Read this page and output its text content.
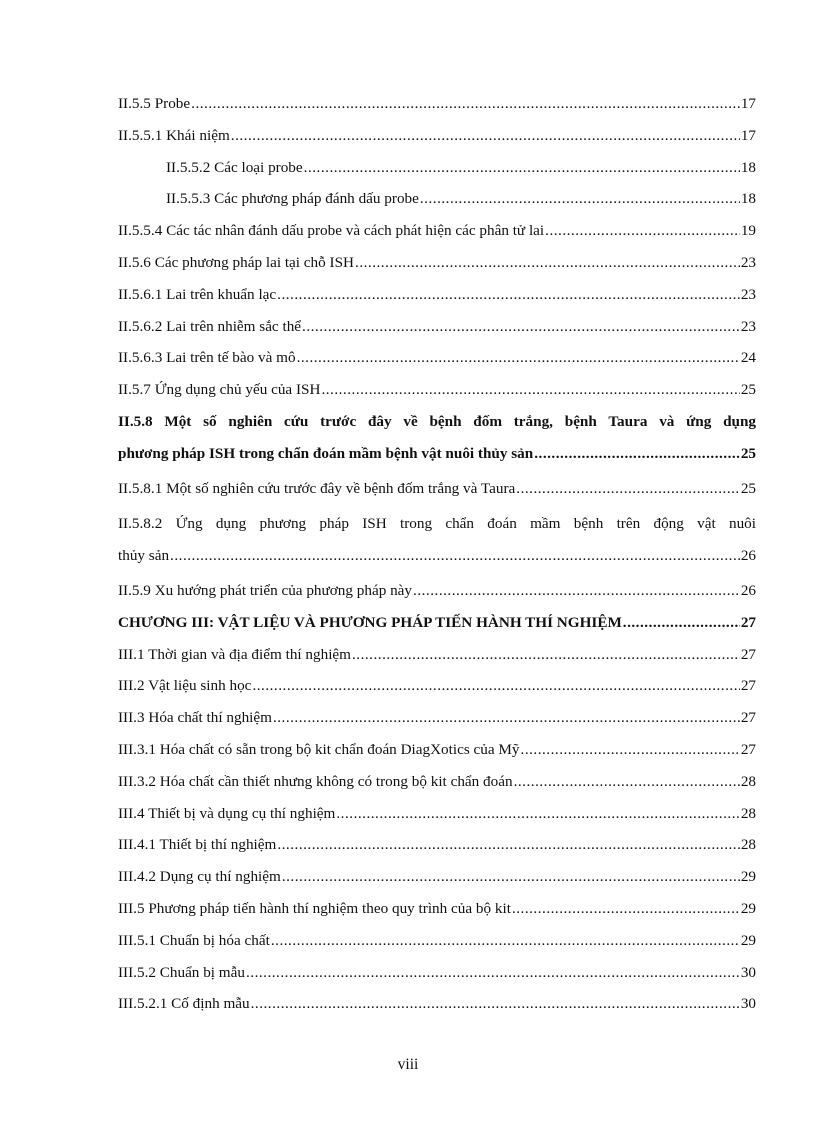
II.5.5 Probe .....	17
II.5.5.1 Khái niệm .....	17
II.5.5.2 Các loại probe .....	18
II.5.5.3 Các phương pháp đánh dấu probe .....	18
II.5.5.4 Các tác nhân đánh dấu probe và cách phát hiện các phân tử lai .....	19
II.5.6 Các phương pháp lai tại chỗ ISH .....	23
II.5.6.1 Lai trên khuẩn lạc .....	23
II.5.6.2 Lai trên nhiễm sắc thể .....	23
II.5.6.3 Lai trên tế bào và mô .....	24
II.5.7 Ứng dụng chủ yếu của ISH .....	25
II.5.8 Một số nghiên cứu trước đây về bệnh đốm trắng, bệnh Taura và ứng dụng
phương pháp ISH trong chẩn đoán mầm bệnh vật nuôi thủy sản .....	25
II.5.8.1 Một số nghiên cứu trước đây về bệnh đốm trắng và Taura .....	25
II.5.8.2 Ứng dụng phương pháp ISH trong chẩn đoán mầm bệnh trên động vật nuôi
thủy sản .....	26
II.5.9 Xu hướng phát triển của phương pháp này .....	26
CHƯƠNG III: VẬT LIỆU VÀ PHƯƠNG PHÁP TIẾN HÀNH THÍ NGHIỆM .....	27
III.1 Thời gian và địa điểm thí nghiệm .....	27
III.2 Vật liệu sinh học .....	27
III.3 Hóa chất thí nghiệm .....	27
III.3.1 Hóa chất có sẵn trong bộ kit chẩn đoán DiagXotics của Mỹ .....	27
III.3.2 Hóa chất cần thiết nhưng không có trong bộ kit chẩn đoán .....	28
III.4 Thiết bị và dụng cụ thí nghiệm .....	28
III.4.1 Thiết bị thí nghiệm .....	28
III.4.2 Dụng cụ thí nghiệm .....	29
III.5 Phương pháp tiến hành thí nghiệm theo quy trình của bộ kit .....	29
III.5.1 Chuẩn bị hóa chất .....	29
III.5.2 Chuẩn bị mẫu .....	30
III.5.2.1 Cố định mẫu .....	30
viii
